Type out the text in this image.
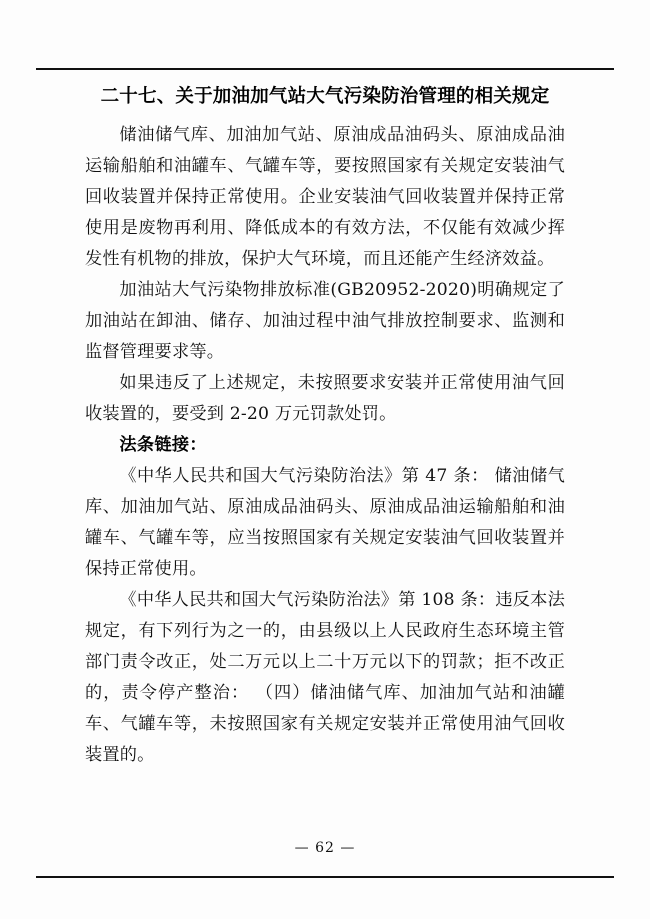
二十七、关于加油加气站大气污染防治管理的相关规定

储油储气库、加油加气站、原油成品油码头、原油成品油运输船舶和油罐车、气罐车等，要按照国家有关规定安装油气回收装置并保持正常使用。企业安装油气回收装置并保持正常使用是废物再利用、降低成本的有效方法，不仅能有效减少挥发性有机物的排放，保护大气环境，而且还能产生经济效益。

加油站大气污染物排放标准(GB20952-2020)明确规定了加油站在卸油、储存、加油过程中油气排放控制要求、监测和监督管理要求等。

如果违反了上述规定，未按照要求安装并正常使用油气回收装置的，要受到 2-20 万元罚款处罚。

法条链接：

《中华人民共和国大气污染防治法》第 47 条： 储油储气库、加油加气站、原油成品油码头、原油成品油运输船舶和油罐车、气罐车等，应当按照国家有关规定安装油气回收装置并保持正常使用。

《中华人民共和国大气污染防治法》第 108 条：违反本法规定，有下列行为之一的，由县级以上人民政府生态环境主管部门责令改正，处二万元以上二十万元以下的罚款；拒不改正的，责令停产整治： （四）储油储气库、加油加气站和油罐车、气罐车等，未按照国家有关规定安装并正常使用油气回收装置的。

— 62 —
